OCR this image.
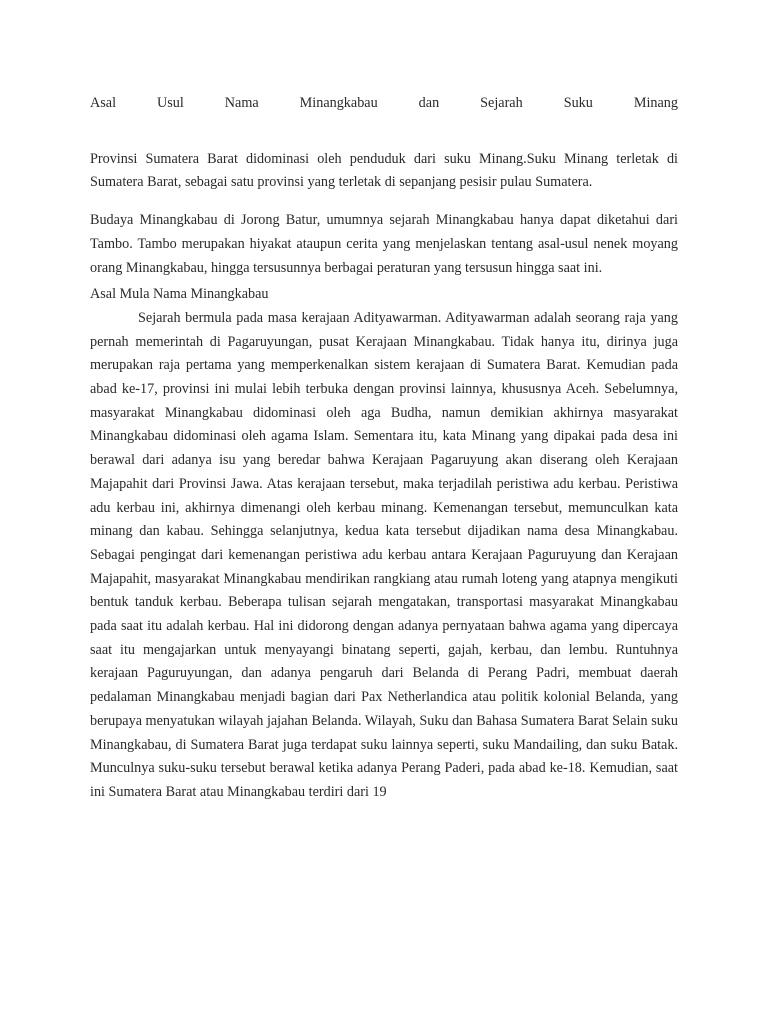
Asal	Usul	Nama	Minangkabau	dan	Sejarah	Suku	Minang

Provinsi Sumatera Barat didominasi oleh penduduk dari suku Minang.Suku Minang terletak di Sumatera Barat, sebagai satu provinsi yang terletak di sepanjang pesisir pulau Sumatera.

Budaya Minangkabau di Jorong Batur, umumnya sejarah Minangkabau hanya dapat diketahui dari Tambo. Tambo merupakan hiyakat ataupun cerita yang menjelaskan tentang asal-usul nenek moyang orang Minangkabau, hingga tersusunnya berbagai peraturan yang tersusun hingga saat ini.

Asal Mula Nama Minangkabau

Sejarah bermula pada masa kerajaan Adityawarman. Adityawarman adalah seorang raja yang pernah memerintah di Pagaruyungan, pusat Kerajaan Minangkabau. Tidak hanya itu, dirinya juga merupakan raja pertama yang memperkenalkan sistem kerajaan di Sumatera Barat. Kemudian pada abad ke-17, provinsi ini mulai lebih terbuka dengan provinsi lainnya, khususnya Aceh. Sebelumnya, masyarakat Minangkabau didominasi oleh aga Budha, namun demikian akhirnya masyarakat Minangkabau didominasi oleh agama Islam. Sementara itu, kata Minang yang dipakai pada desa ini berawal dari adanya isu yang beredar bahwa Kerajaan Pagaruyung akan diserang oleh Kerajaan Majapahit dari Provinsi Jawa. Atas kerajaan tersebut, maka terjadilah peristiwa adu kerbau. Peristiwa adu kerbau ini, akhirnya dimenangi oleh kerbau minang. Kemenangan tersebut, memunculkan kata minang dan kabau. Sehingga selanjutnya, kedua kata tersebut dijadikan nama desa Minangkabau. Sebagai pengingat dari kemenangan peristiwa adu kerbau antara Kerajaan Paguruyung dan Kerajaan Majapahit, masyarakat Minangkabau mendirikan rangkiang atau rumah loteng yang atapnya mengikuti bentuk tanduk kerbau. Beberapa tulisan sejarah mengatakan, transportasi masyarakat Minangkabau pada saat itu adalah kerbau. Hal ini didorong dengan adanya pernyataan bahwa agama yang dipercaya saat itu mengajarkan untuk menyayangi binatang seperti, gajah, kerbau, dan lembu. Runtuhnya kerajaan Paguruyungan, dan adanya pengaruh dari Belanda di Perang Padri, membuat daerah pedalaman Minangkabau menjadi bagian dari Pax Netherlandica atau politik kolonial Belanda, yang berupaya menyatukan wilayah jajahan Belanda. Wilayah, Suku dan Bahasa Sumatera Barat Selain suku Minangkabau, di Sumatera Barat juga terdapat suku lainnya seperti, suku Mandailing, dan suku Batak. Munculnya suku-suku tersebut berawal ketika adanya Perang Paderi, pada abad ke-18. Kemudian, saat ini Sumatera Barat atau Minangkabau terdiri dari 19
